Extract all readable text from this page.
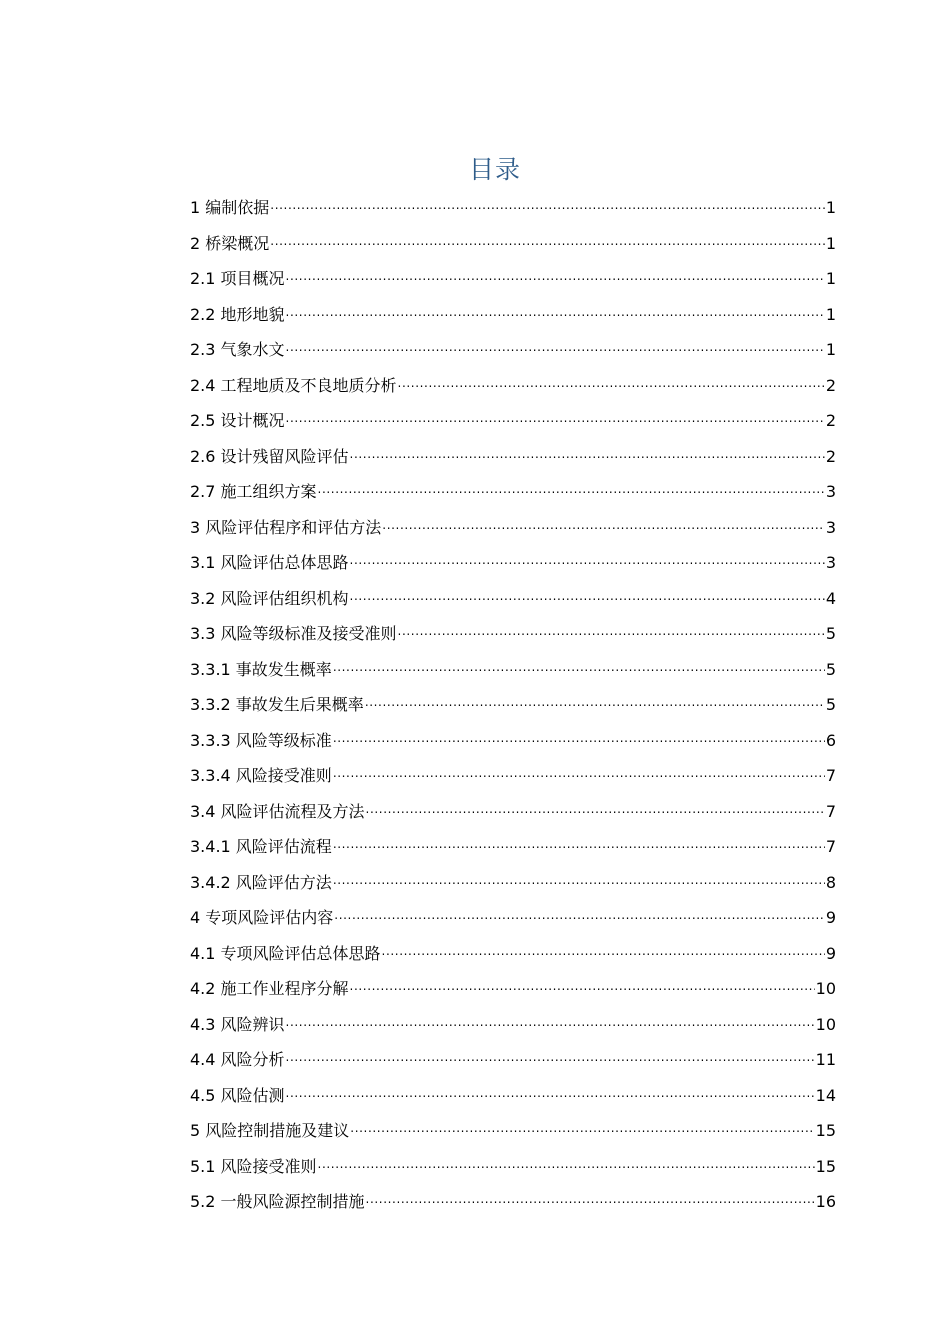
目录
1 编制依据 .....	1
2 桥梁概况 .....	1
2.1 项目概况 .....	1
2.2 地形地貌 .....	1
2.3 气象水文 .....	1
2.4 工程地质及不良地质分析 .....	2
2.5 设计概况 .....	2
2.6 设计残留风险评估 .....	2
2.7 施工组织方案 .....	3
3 风险评估程序和评估方法 .....	3
3.1 风险评估总体思路 .....	3
3.2 风险评估组织机构 .....	4
3.3 风险等级标准及接受准则 .....	5
3.3.1 事故发生概率 .....	5
3.3.2 事故发生后果概率 .....	5
3.3.3 风险等级标准 .....	6
3.3.4 风险接受准则 .....	7
3.4 风险评估流程及方法 .....	7
3.4.1 风险评估流程 .....	7
3.4.2 风险评估方法 .....	8
4 专项风险评估内容 .....	9
4.1 专项风险评估总体思路 .....	9
4.2 施工作业程序分解 .....	10
4.3 风险辨识 .....	10
4.4 风险分析 .....	11
4.5 风险估测 .....	14
5 风险控制措施及建议 .....	15
5.1 风险接受准则 .....	15
5.2 一般风险源控制措施 .....	16
